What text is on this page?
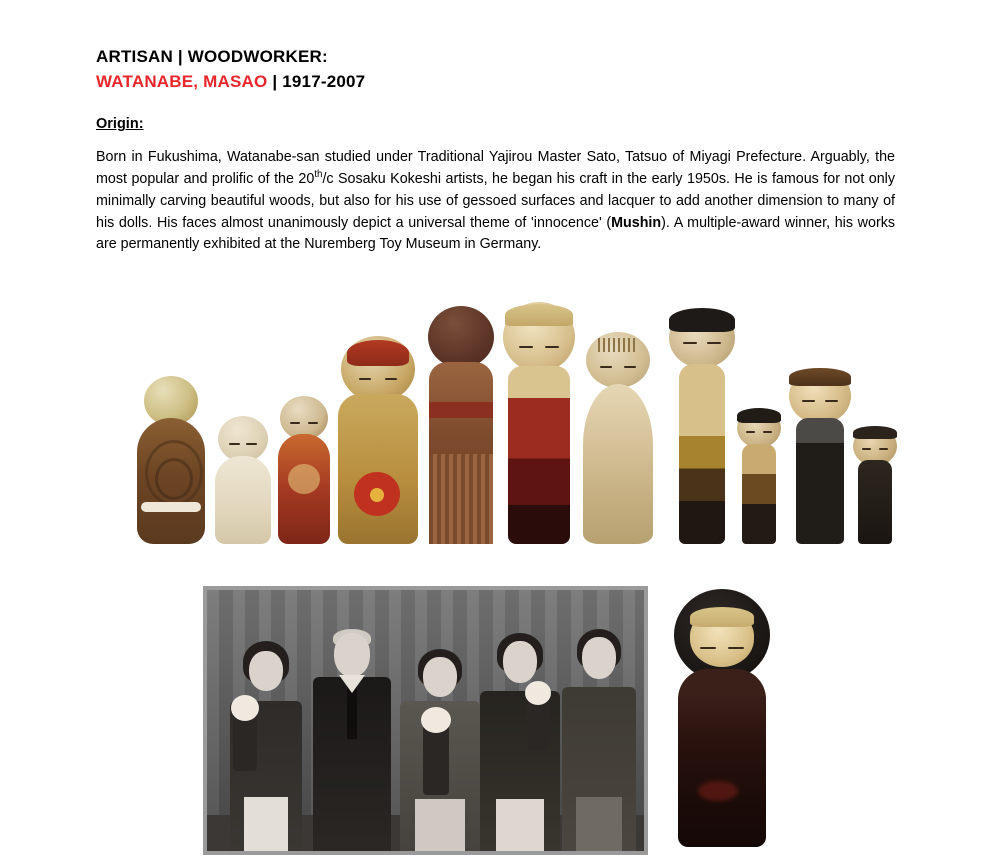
ARTISAN | WOODWORKER:
WATANABE, MASAO | 1917-2007
Origin:

Born in Fukushima, Watanabe-san studied under Traditional Yajirou Master Sato, Tatsuo of Miyagi Prefecture. Arguably, the most popular and prolific of the 20th/c Sosaku Kokeshi artists, he began his craft in the early 1950s. He is famous for not only minimally carving beautiful woods, but also for his use of gessoed surfaces and lacquer to add another dimension to many of his dolls. His faces almost unanimously depict a universal theme of 'innocence' (Mushin). A multiple-award winner, his works are permanently exhibited at the Nuremberg Toy Museum in Germany.
